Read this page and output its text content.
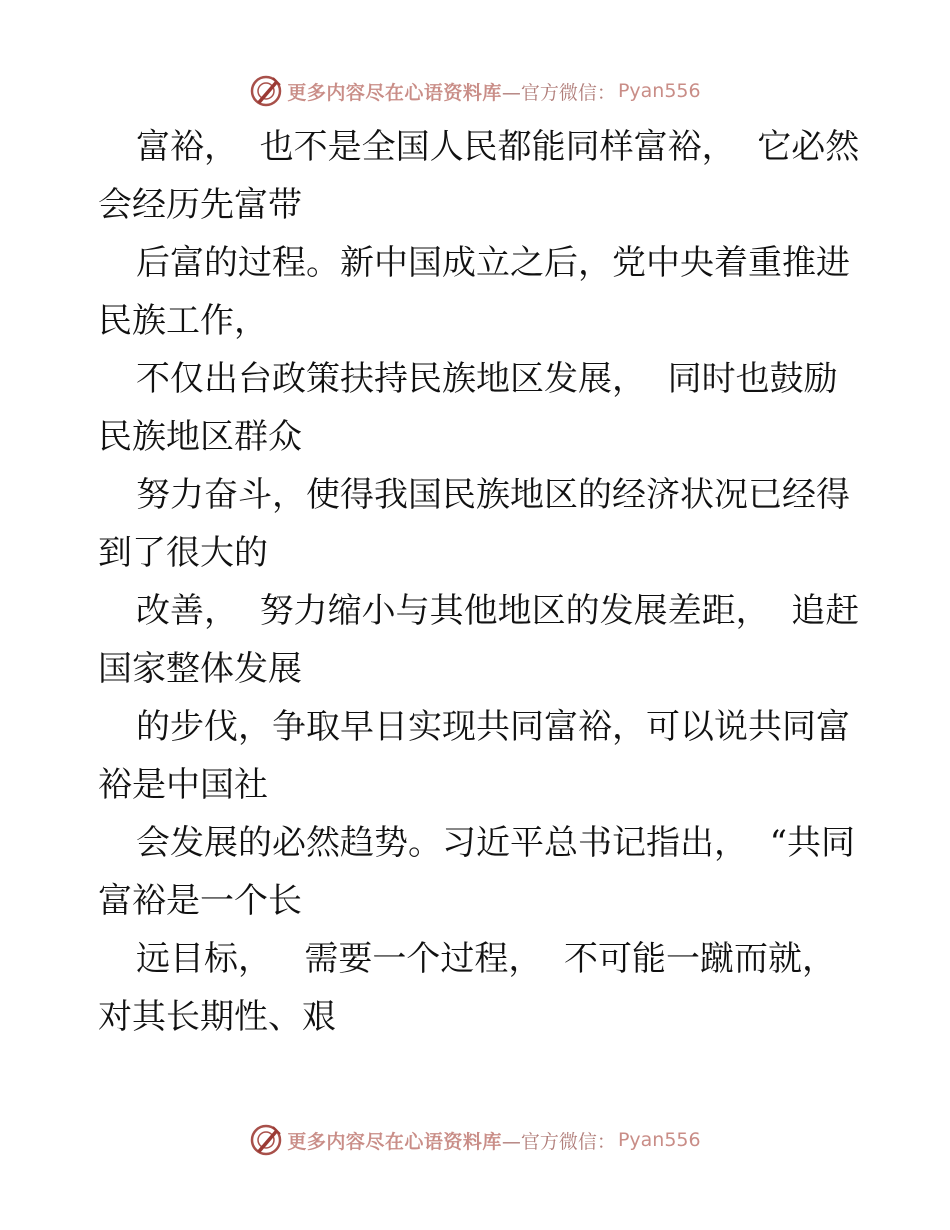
更多内容尽在心语资料库 —官方微信： Pyan556

富裕，  也不是全国人民都能同样富裕，  它必然
会经历先富带

后富的过程。新中国成立之后，党中央着重推进
民族工作，

不仅出台政策扶持民族地区发展，  同时也鼓励
民族地区群众

努力奋斗，使得我国民族地区的经济状况已经得
到了很大的

改善，  努力缩小与其他地区的发展差距，  追赶
国家整体发展

的步伐，争取早日实现共同富裕，可以说共同富
裕是中国社

会发展的必然趋势。习近平总书记指出，  “共同
富裕是一个长

远目标，   需要一个过程，  不可能一蹴而就，
对其长期性、艰

更多内容尽在心语资料库 —官方微信： Pyan556
